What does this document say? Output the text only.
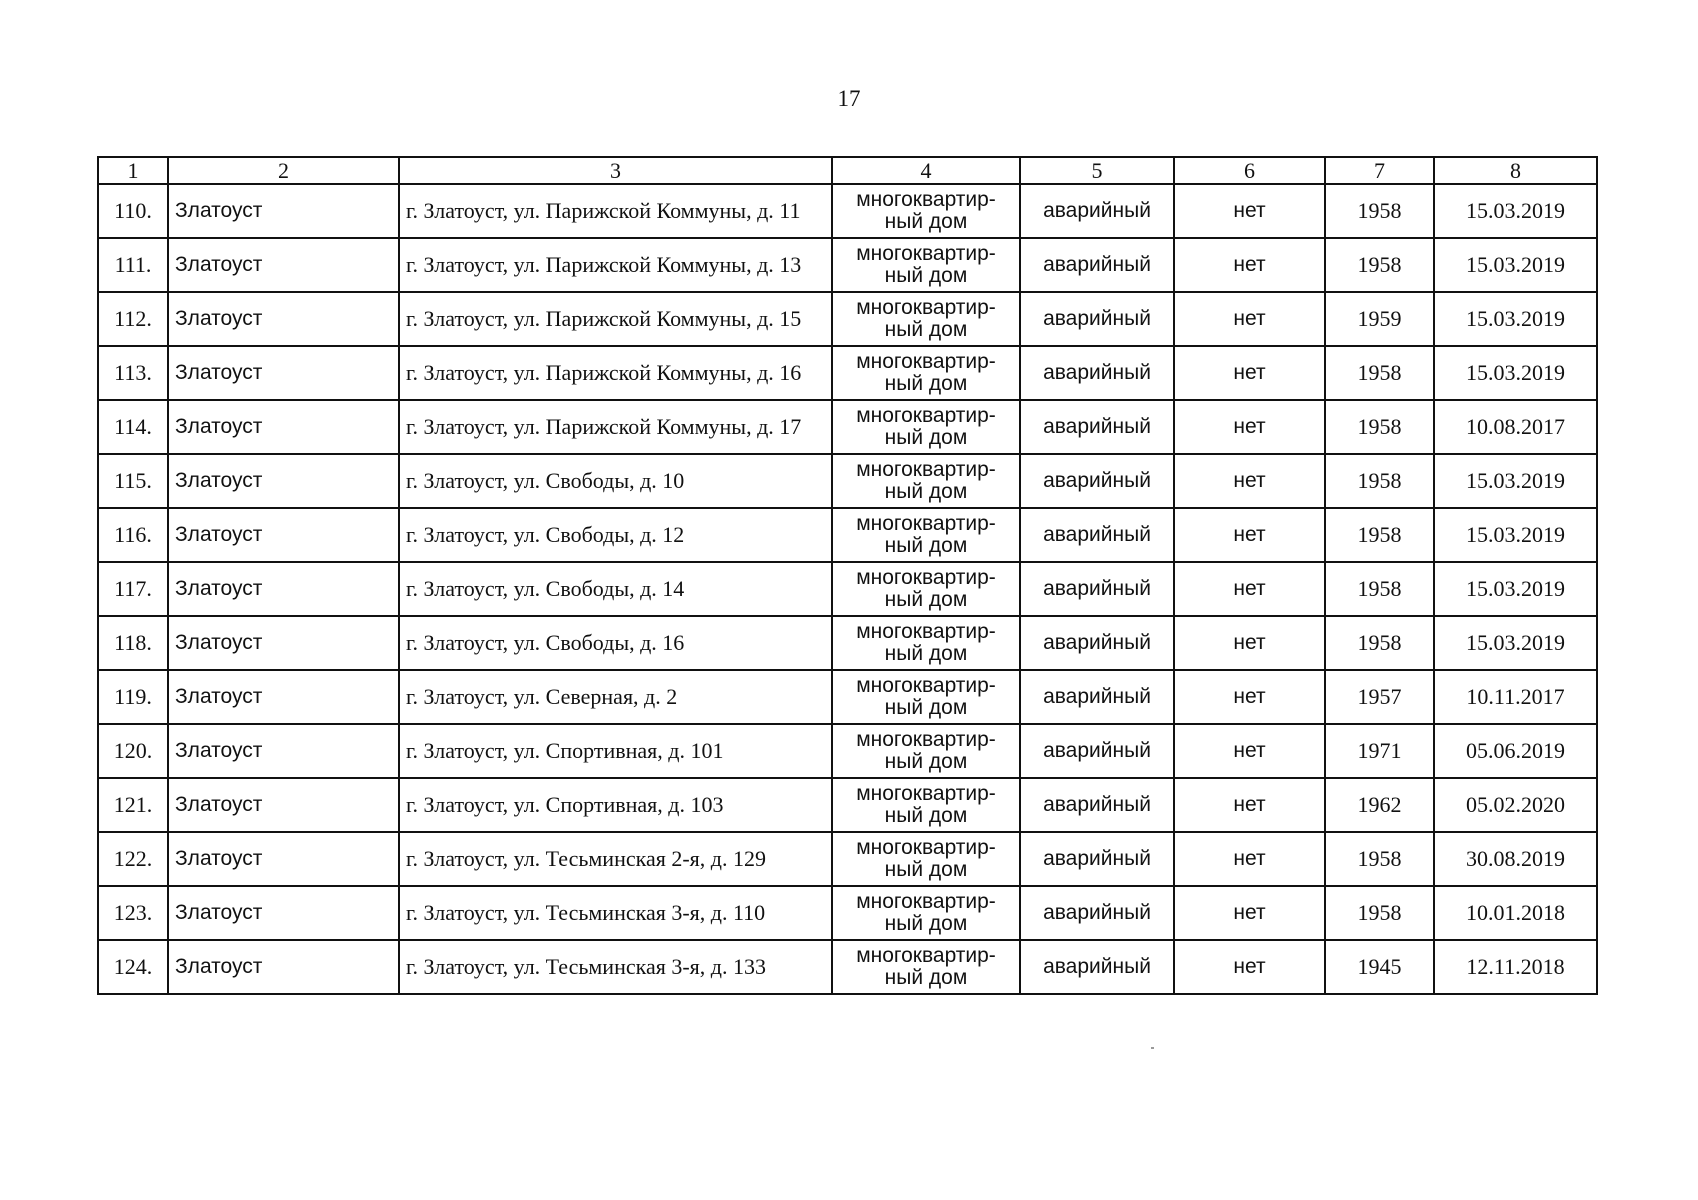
17
1	2	3	4	5	6	7	8
110.	Златоуст	г. Златоуст, ул. Парижской Коммуны, д. 11	многоквартир-ный дом	аварийный	нет	1958	15.03.2019
111.	Златоуст	г. Златоуст, ул. Парижской Коммуны, д. 13	многоквартир-ный дом	аварийный	нет	1958	15.03.2019
112.	Златоуст	г. Златоуст, ул. Парижской Коммуны, д. 15	многоквартир-ный дом	аварийный	нет	1959	15.03.2019
113.	Златоуст	г. Златоуст, ул. Парижской Коммуны, д. 16	многоквартир-ный дом	аварийный	нет	1958	15.03.2019
114.	Златоуст	г. Златоуст, ул. Парижской Коммуны, д. 17	многоквартир-ный дом	аварийный	нет	1958	10.08.2017
115.	Златоуст	г. Златоуст, ул. Свободы, д. 10	многоквартир-ный дом	аварийный	нет	1958	15.03.2019
116.	Златоуст	г. Златоуст, ул. Свободы, д. 12	многоквартир-ный дом	аварийный	нет	1958	15.03.2019
117.	Златоуст	г. Златоуст, ул. Свободы, д. 14	многоквартир-ный дом	аварийный	нет	1958	15.03.2019
118.	Златоуст	г. Златоуст, ул. Свободы, д. 16	многоквартир-ный дом	аварийный	нет	1958	15.03.2019
119.	Златоуст	г. Златоуст, ул. Северная, д. 2	многоквартир-ный дом	аварийный	нет	1957	10.11.2017
120.	Златоуст	г. Златоуст, ул. Спортивная, д. 101	многоквартир-ный дом	аварийный	нет	1971	05.06.2019
121.	Златоуст	г. Златоуст, ул. Спортивная, д. 103	многоквартир-ный дом	аварийный	нет	1962	05.02.2020
122.	Златоуст	г. Златоуст, ул. Тесьминская 2-я, д. 129	многоквартир-ный дом	аварийный	нет	1958	30.08.2019
123.	Златоуст	г. Златоуст, ул. Тесьминская 3-я, д. 110	многоквартир-ный дом	аварийный	нет	1958	10.01.2018
124.	Златоуст	г. Златоуст, ул. Тесьминская 3-я, д. 133	многоквартир-ный дом	аварийный	нет	1945	12.11.2018
